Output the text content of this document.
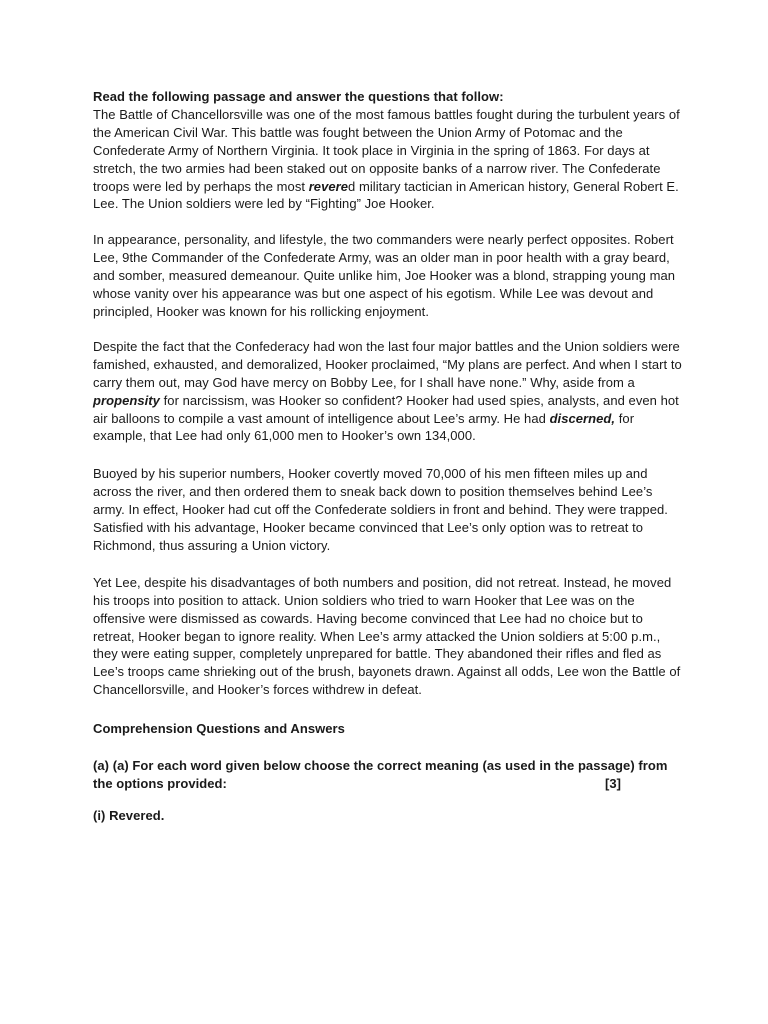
Read the following passage and answer the questions that follow:

The Battle of Chancellorsville was one of the most famous battles fought during the turbulent years of the American Civil War. This battle was fought between the Union Army of Potomac and the Confederate Army of Northern Virginia. It took place in Virginia in the spring of 1863. For days at stretch, the two armies had been staked out on opposite banks of a narrow river. The Confederate troops were led by perhaps the most revered military tactician in American history, General Robert E. Lee. The Union soldiers were led by “Fighting” Joe Hooker.

In appearance, personality, and lifestyle, the two commanders were nearly perfect opposites. Robert Lee, 9the Commander of the Confederate Army, was an older man in poor health with a gray beard, and somber, measured demeanour. Quite unlike him, Joe Hooker was a blond, strapping young man whose vanity over his appearance was but one aspect of his egotism. While Lee was devout and principled, Hooker was known for his rollicking enjoyment.

Despite the fact that the Confederacy had won the last four major battles and the Union soldiers were famished, exhausted, and demoralized, Hooker proclaimed, “My plans are perfect. And when I start to carry them out, may God have mercy on Bobby Lee, for I shall have none.” Why, aside from a propensity for narcissism, was Hooker so confident? Hooker had used spies, analysts, and even hot air balloons to compile a vast amount of intelligence about Lee’s army. He had discerned, for example, that Lee had only 61,000 men to Hooker’s own 134,000.

Buoyed by his superior numbers, Hooker covertly moved 70,000 of his men fifteen miles up and across the river, and then ordered them to sneak back down to position themselves behind Lee’s army. In effect, Hooker had cut off the Confederate soldiers in front and behind. They were trapped. Satisfied with his advantage, Hooker became convinced that Lee’s only option was to retreat to Richmond, thus assuring a Union victory.

Yet Lee, despite his disadvantages of both numbers and position, did not retreat. Instead, he moved his troops into position to attack. Union soldiers who tried to warn Hooker that Lee was on the offensive were dismissed as cowards. Having become convinced that Lee had no choice but to retreat, Hooker began to ignore reality. When Lee’s army attacked the Union soldiers at 5:00 p.m., they were eating supper, completely unprepared for battle. They abandoned their rifles and fled as Lee’s troops came shrieking out of the brush, bayonets drawn. Against all odds, Lee won the Battle of Chancellorsville, and Hooker’s forces withdrew in defeat.

Comprehension Questions and Answers

(a) (a) For each word given below choose the correct meaning (as used in the passage) from the options provided:	[3]

(i) Revered.
